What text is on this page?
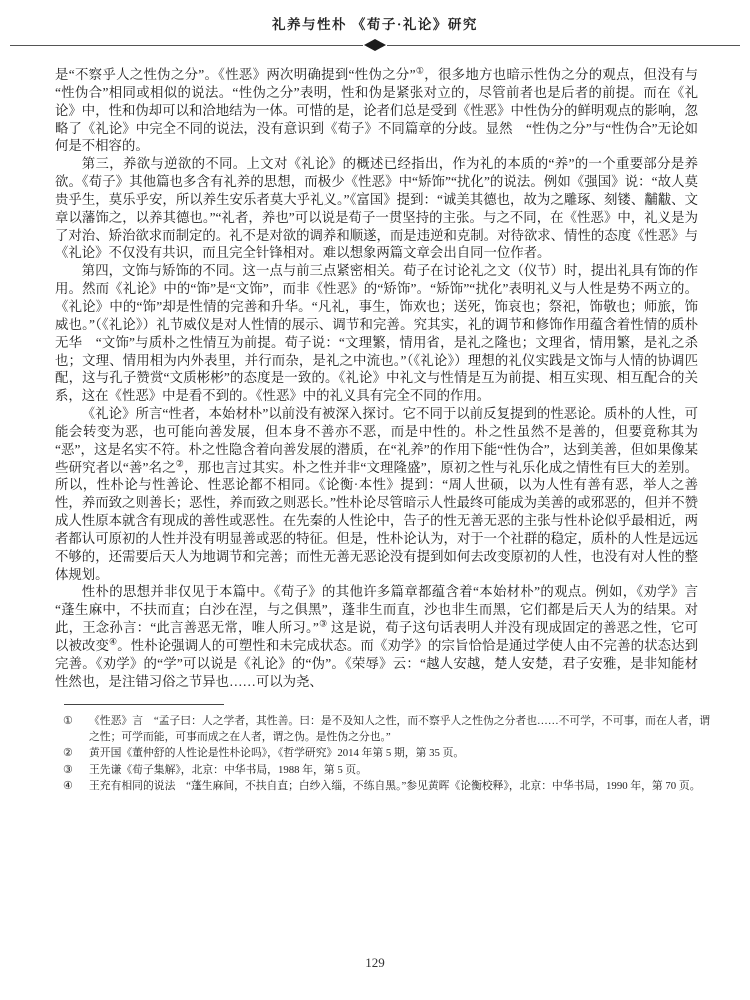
礼养与性朴 《荀子·礼论》研究

是“不察乎人之性伪之分”。《性恶》两次明确提到“性伪之分”①，很多地方也暗示性伪之分的观点，但没有与“性伪合”相同或相似的说法。“性伪之分”表明，性和伪是紧张对立的，尽管前者也是后者的前提。而在《礼论》中，性和伪却可以和洽地结为一体。可惜的是，论者们总是受到《性恶》中性伪分的鲜明观点的影响，忽略了《礼论》中完全不同的说法，没有意识到《荀子》不同篇章的分歧。显然　“性伪之分”与“性伪合”无论如何是不相容的。

第三，养欲与逆欲的不同。上文对《礼论》的概述已经指出，作为礼的本质的“养”的一个重要部分是养欲。《荀子》其他篇也多含有礼养的思想，而极少《性恶》中“矫饰”“扰化”的说法。例如《强国》说：“故人莫贵乎生，莫乐乎安，所以养生安乐者莫大乎礼义。”《富国》提到：“诚美其德也，故为之雕琢、刻镂、黼黻、文章以藩饰之，以养其德也。”“礼者，养也”可以说是荀子一贯坚持的主张。与之不同，在《性恶》中，礼义是为了对治、矫治欲求而制定的。礼不是对欲的调养和顺遂，而是违逆和克制。对待欲求、情性的态度《性恶》与《礼论》不仅没有共识，而且完全针锋相对。难以想象两篇文章会出自同一位作者。

第四，文饰与矫饰的不同。这一点与前三点紧密相关。荀子在讨论礼之文（仪节）时，提出礼具有饰的作用。然而《礼论》中的“饰”是“文饰”，而非《性恶》的“矫饰”。“矫饰”“扰化”表明礼义与人性是势不两立的。《礼论》中的“饰”却是性情的完善和升华。“凡礼，事生，饰欢也；送死，饰哀也；祭祀，饰敬也；师旅，饰威也。”（《礼论》）礼节威仪是对人性情的展示、调节和完善。究其实，礼的调节和修饰作用蕴含着性情的质朴无华　“文饰”与质朴之性情互为前提。荀子说：“文理繁，情用省，是礼之隆也；文理省，情用繁，是礼之杀也；文理、情用相为内外表里，并行而杂，是礼之中流也。”（《礼论》）理想的礼仪实践是文饰与人情的协调匹配，这与孔子赞赏“文质彬彬”的态度是一致的。《礼论》中礼文与性情是互为前提、相互实现、相互配合的关系，这在《性恶》中是看不到的。《性恶》中的礼义具有完全不同的作用。

《礼论》所言“性者，本始材朴”以前没有被深入探讨。它不同于以前反复提到的性恶论。质朴的人性，可能会转变为恶，也可能向善发展，但本身不善亦不恶，而是中性的。朴之性虽然不是善的，但要竟称其为“恶”，这是名实不符。朴之性隐含着向善发展的潜质，在“礼养”的作用下能“性伪合”，达到美善，但如果像某些研究者以“善”名之②，那也言过其实。朴之性并非“文理隆盛”，原初之性与礼乐化成之情性有巨大的差别。所以，性朴论与性善论、性恶论都不相同。《论衡·本性》提到：“周人世硕，以为人性有善有恶，举人之善性，养而致之则善长；恶性，养而致之则恶长。”性朴论尽管暗示人性最终可能成为美善的或邪恶的，但并不赞成人性原本就含有现成的善性或恶性。在先秦的人性论中，告子的性无善无恶的主张与性朴论似乎最相近，两者都认可原初的人性并没有明显善或恶的特征。但是，性朴论认为，对于一个社群的稳定，质朴的人性是远远不够的，还需要后天人为地调节和完善；而性无善无恶论没有提到如何去改变原初的人性，也没有对人性的整体规划。

性朴的思想并非仅见于本篇中。《荀子》的其他许多篇章都蕴含着“本始材朴”的观点。例如，《劝学》言“蓬生麻中，不扶而直；白沙在涅，与之俱黑”，蓬非生而直，沙也非生而黑，它们都是后天人为的结果。对此，王念孙言：“此言善恶无常，唯人所习。”③ 这是说，荀子这句话表明人并没有现成固定的善恶之性，它可以被改变④。性朴论强调人的可塑性和未完成状态。而《劝学》的宗旨恰恰是通过学使人由不完善的状态达到完善。《劝学》的“学”可以说是《礼论》的“伪”。《荣辱》云：“越人安越，楚人安楚，君子安雅，是非知能材性然也，是注错习俗之节异也……可以为尧、

①	《性恶》言　“孟子曰：人之学者，其性善。曰：是不及知人之性，而不察乎人之性伪之分者也……不可学，不可事，而在人者，谓之性；可学而能，可事而成之在人者，谓之伪。是性伪之分也。”
②	黄开国《董仲舒的人性论是性朴论吗》，《哲学研究》2014 年第 5 期，第 35 页。
③	王先谦《荀子集解》，北京：中华书局，1988 年，第 5 页。
④	王充有相同的说法　“蓬生麻间，不扶自直；白纱入缁，不练自黑。”参见黄晖《论衡校释》，北京：中华书局，1990 年，第 70 页。
129
